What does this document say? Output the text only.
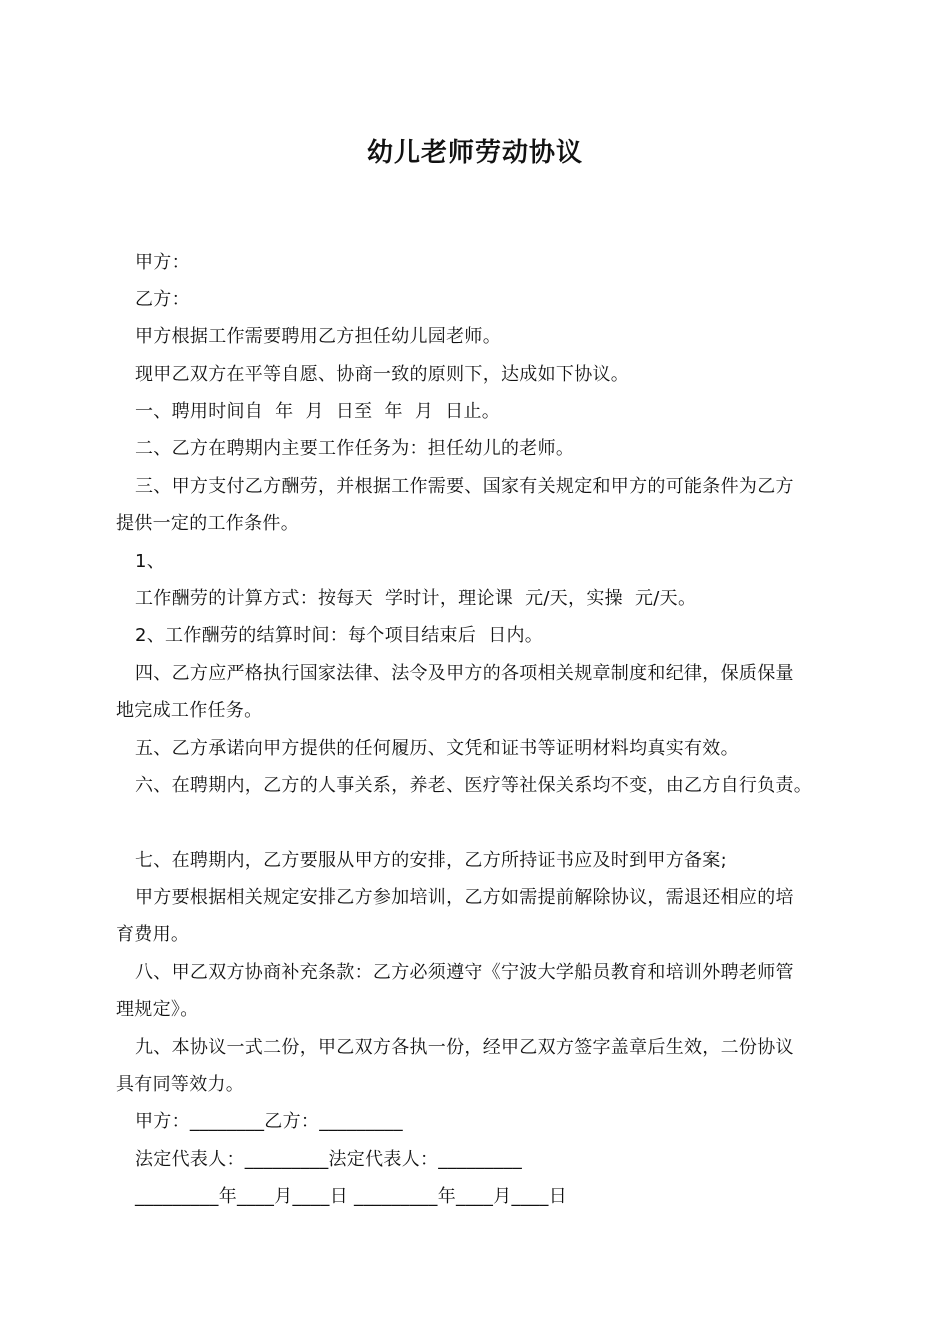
幼儿老师劳动协议
甲方：
乙方：
甲方根据工作需要聘用乙方担任幼儿园老师。
现甲乙双方在平等自愿、协商一致的原则下，达成如下协议。
一、聘用时间自  年  月  日至  年  月  日止。
二、乙方在聘期内主要工作任务为：担任幼儿的老师。
三、甲方支付乙方酬劳，并根据工作需要、国家有关规定和甲方的可能条件为乙方
提供一定的工作条件。
1、
工作酬劳的计算方式：按每天  学时计，理论课  元/天，实操  元/天。
2、工作酬劳的结算时间：每个项目结束后  日内。
四、乙方应严格执行国家法律、法令及甲方的各项相关规章制度和纪律，保质保量
地完成工作任务。
五、乙方承诺向甲方提供的任何履历、文凭和证书等证明材料均真实有效。
六、在聘期内，乙方的人事关系，养老、医疗等社保关系均不变，由乙方自行负责。
七、在聘期内，乙方要服从甲方的安排，乙方所持证书应及时到甲方备案;
甲方要根据相关规定安排乙方参加培训，乙方如需提前解除协议，需退还相应的培
育费用。
八、甲乙双方协商补充条款：乙方必须遵守《宁波大学船员教育和培训外聘老师管
理规定》。
九、本协议一式二份，甲乙双方各执一份，经甲乙双方签字盖章后生效，二份协议
具有同等效力。
甲方：________乙方：_________
法定代表人：_________法定代表人：_________
_________年____月____日 _________年____月____日
